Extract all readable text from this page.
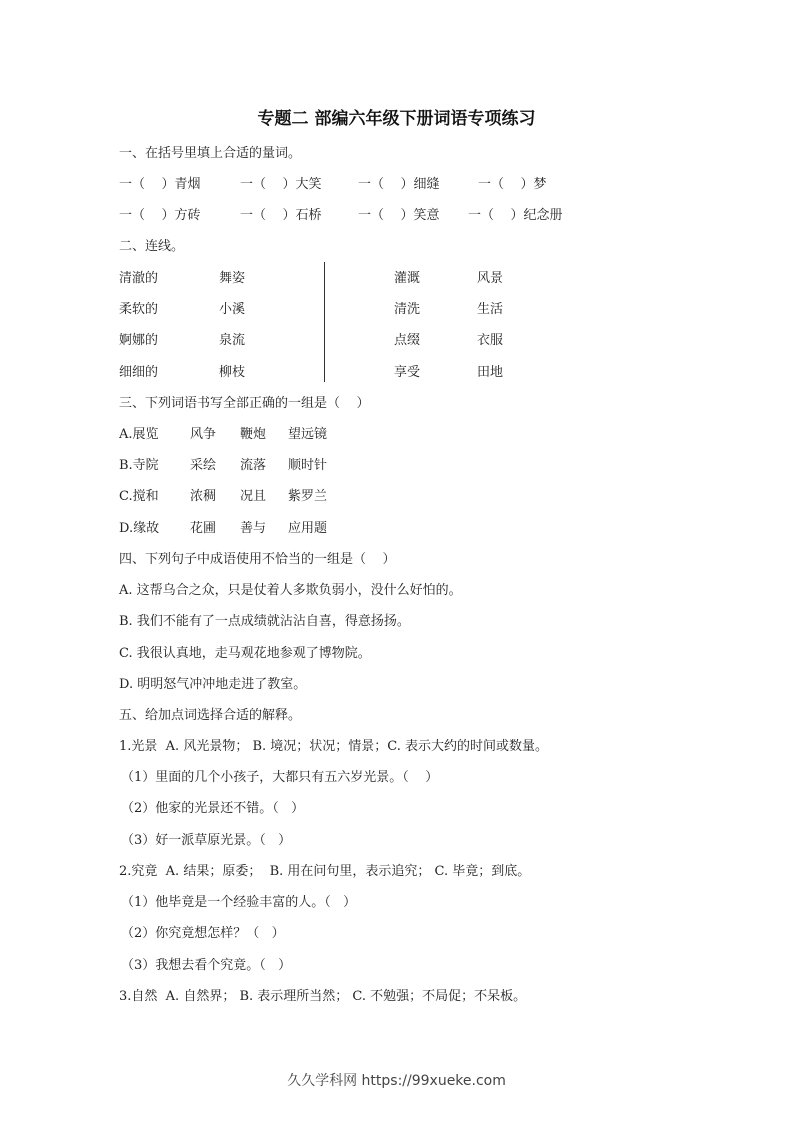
专题二 部编六年级下册词语专项练习
一、在括号里填上合适的量词。
一（    ）青烟	一（    ）大笑	一（    ）细缝	一（    ）梦
一（    ）方砖	一（    ）石桥	一（    ）笑意 一（    ）纪念册
二、连线。
清澈的	舞姿	灌溉	风景
柔软的	小溪	清洗	生活
婀娜的	泉流	点缀	衣服
细细的	柳枝	享受	田地
三、下列词语书写全部正确的一组是（    ）
A.展览 风争 鞭炮 望远镜
B.寺院 采绘 流落 顺时针
C.搅和 浓稠 况且 紫罗兰
D.缘故 花圃 善与 应用题
四、下列句子中成语使用不恰当的一组是（    ）
A. 这帮乌合之众，只是仗着人多欺负弱小，没什么好怕的。
B. 我们不能有了一点成绩就沾沾自喜，得意扬扬。
C. 我很认真地，走马观花地参观了博物院。
D. 明明怒气冲冲地走进了教室。
五、给加点词选择合适的解释。
1.光景  A. 风光景物； B. 境况；状况；情景；C. 表示大约的时间或数量。
（1）里面的几个小孩子，大都只有五六岁光景。（    ）
（2）他家的光景还不错。（   ）
（3）好一派草原光景。（   ）
2.究竟  A. 结果；原委；  B. 用在问句里，表示追究； C. 毕竟；到底。
（1）他毕竟是一个经验丰富的人。（   ）
（2）你究竟想怎样？（   ）
（3）我想去看个究竟。（   ）
3.自然  A. 自然界； B. 表示理所当然； C. 不勉强；不局促；不呆板。
久久学科网 https://99xueke.com
